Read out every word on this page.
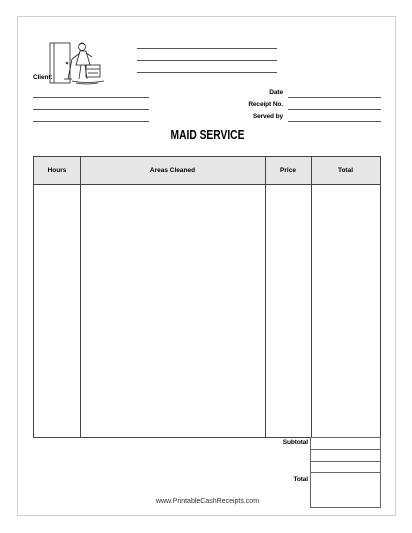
Client:
Date
Receipt No.
Served by
MAID SERVICE
Hours	Areas Cleaned	Price	Total
Subtotal
Total
www.PrintableCashReceipts.com
